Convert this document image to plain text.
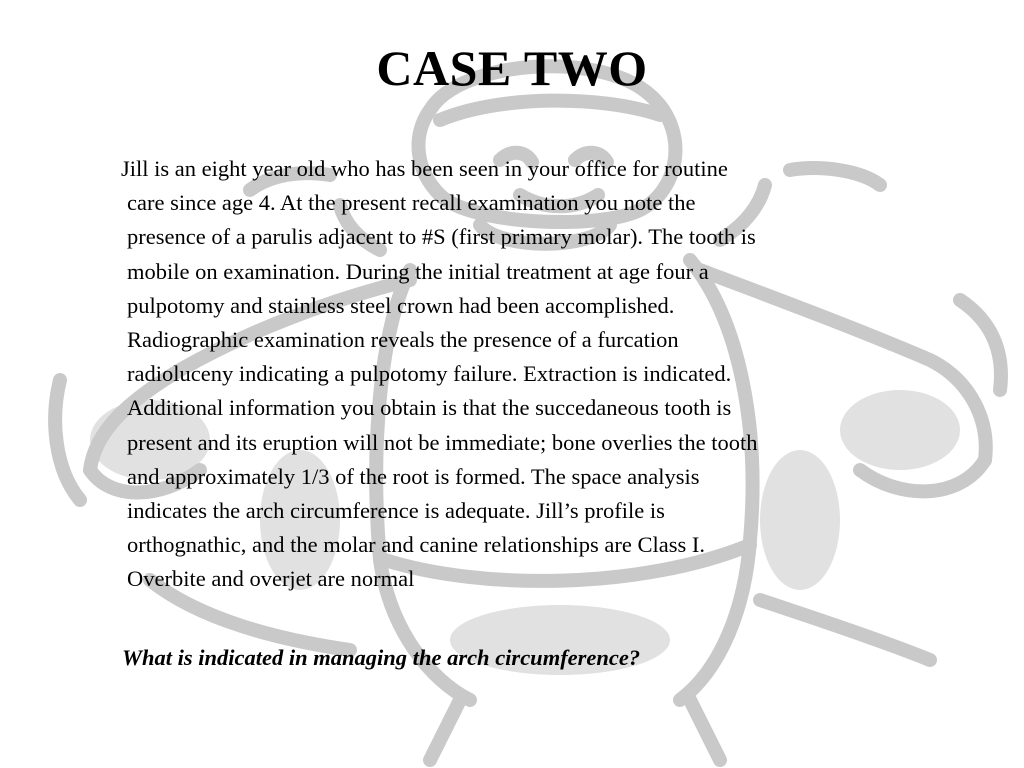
CASE TWO
Jill is an eight year old who has been seen in your office for routine
care since age 4. At the present recall examination you note the
presence of a parulis adjacent to #S (first primary molar). The tooth is
mobile on examination. During the initial treatment at age four a
pulpotomy and stainless steel crown had been accomplished.
Radiographic examination reveals the presence of a furcation
radioluceny indicating a pulpotomy failure. Extraction is indicated.
Additional information you obtain is that the succedaneous tooth is
present and its eruption will not be immediate; bone overlies the tooth
and approximately 1/3 of the root is formed. The space analysis
indicates the arch circumference is adequate. Jill’s profile is
orthognathic, and the molar and canine relationships are Class I.
Overbite and overjet are normal
What is indicated in managing the arch circumference?
